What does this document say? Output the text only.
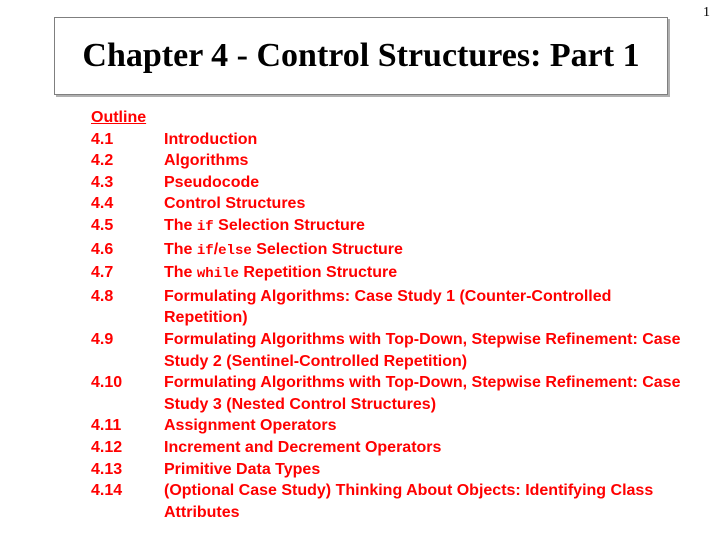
1
Chapter 4 - Control Structures: Part 1
Outline
4.1	Introduction
4.2	Algorithms
4.3	Pseudocode
4.4	Control Structures
4.5	The if Selection Structure
4.6	The if/else Selection Structure
4.7	The while Repetition Structure
4.8	Formulating Algorithms: Case Study 1 (Counter-Controlled Repetition)
4.9	Formulating Algorithms with Top-Down, Stepwise Refinement: Case Study 2 (Sentinel-Controlled Repetition)
4.10	Formulating Algorithms with Top-Down, Stepwise Refinement: Case Study 3 (Nested Control Structures)
4.11	Assignment Operators
4.12	Increment and Decrement Operators
4.13	Primitive Data Types
4.14	(Optional Case Study) Thinking About Objects: Identifying Class Attributes
